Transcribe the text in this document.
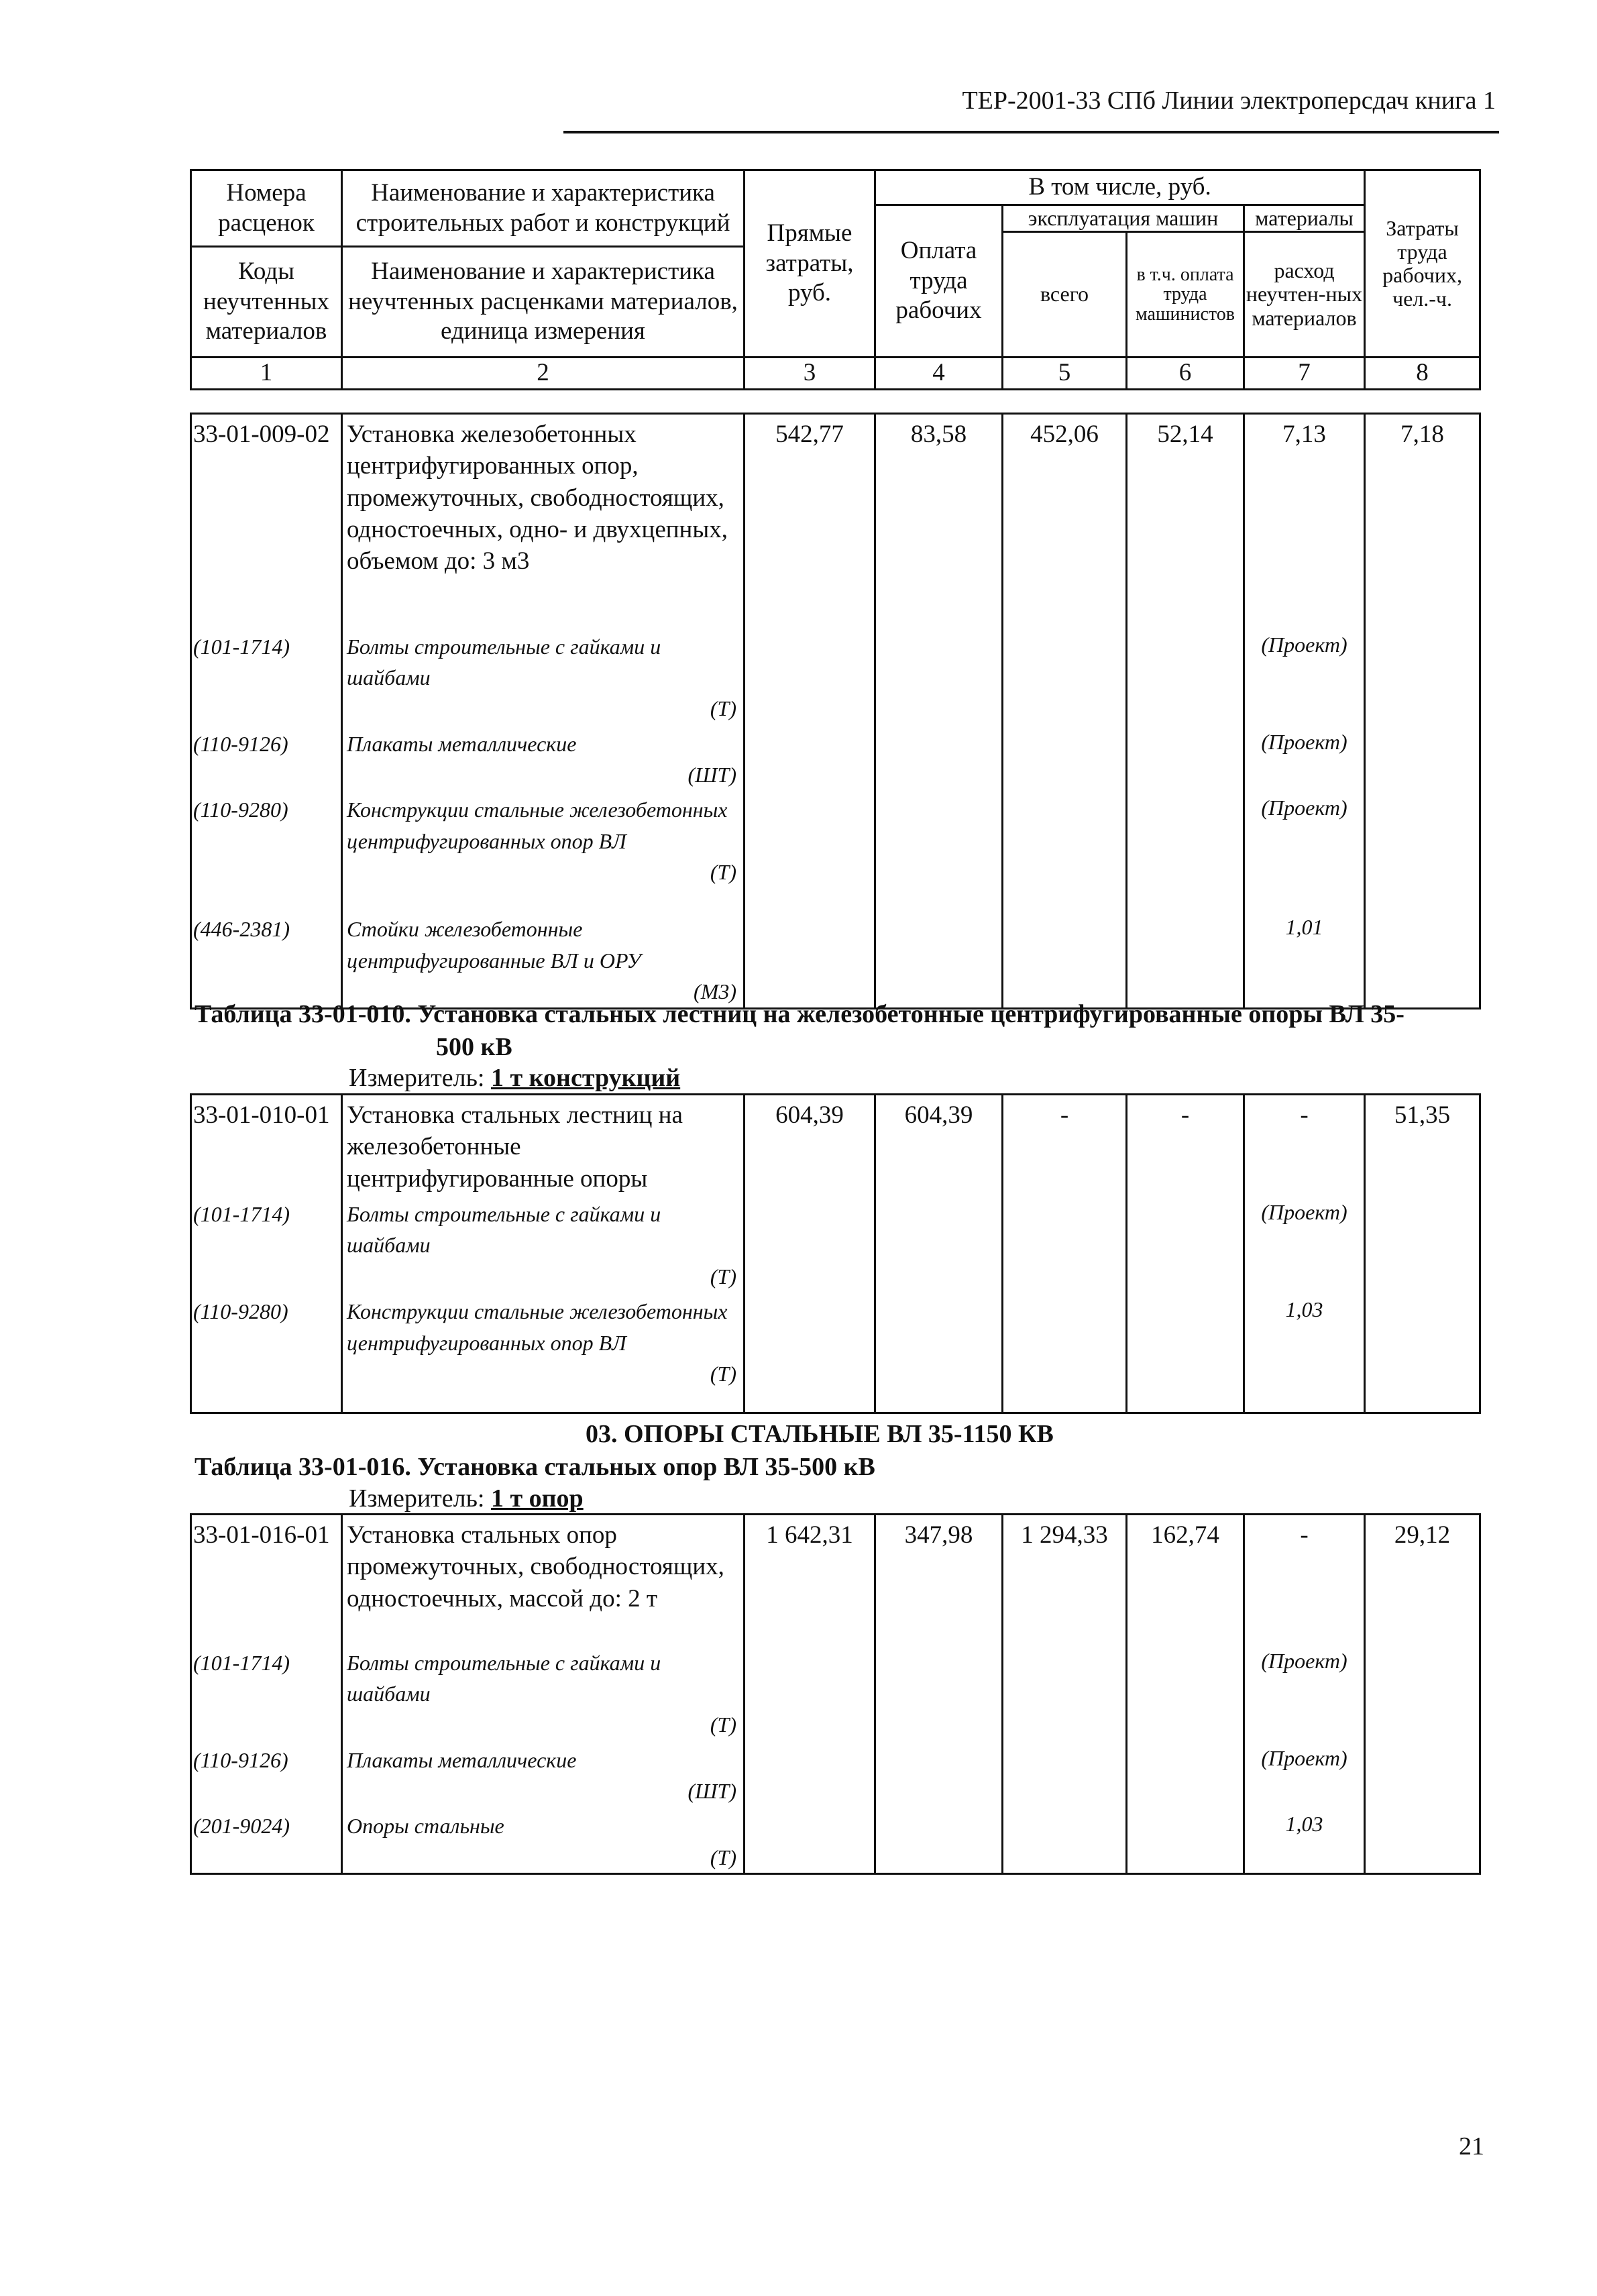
ТЕР-2001-33 СПб Линии электроперсдач книга 1
Номера расценок	Наименование и характеристика строительных работ и конструкций	Прямые затраты, руб.	В том числе, руб.				Затраты труда рабочих, чел.-ч.
			Оплата труда рабочих	эксплуатация машин		материалы	
				всего	в т.ч. оплата труда машинистов	расход неучтен-ных материалов	
Коды неучтенных материалов	Наименование и характеристика неучтенных расценками материалов, единица измерения						

1	2	3	4	5	6	7	8
33-01-009-02	Установка железобетонных центрифугированных опор, промежуточных, свободностоящих, одностоечных, одно- и двухцепных, объемом до: 3 м3	542,77	83,58	452,06	52,14	7,13	7,18
(101-1714)	Болты строительные с гайками и шайбами
(Т)					(Проект)	
(110-9126)	Плакаты металлические
(ШТ)					(Проект)	
(110-9280)	Конструкции стальные железобетонных центрифугированных опор ВЛ
(Т)					(Проект)	
(446-2381)	Стойки железобетонные центрифугированные ВЛ и ОРУ
(М3)					1,01	
Таблица 33-01-010. Установка стальных лестниц на железобетонные центрифугированные опоры ВЛ 35-
500 кВ
Измеритель: 1 т конструкций
33-01-010-01	Установка стальных лестниц на железобетонные центрифугированные опоры	604,39	604,39	-	-	-	51,35
(101-1714)	Болты строительные с гайками и шайбами
(Т)					(Проект)	
(110-9280)	Конструкции стальные железобетонных центрифугированных опор ВЛ
(Т)					1,03	
03. ОПОРЫ СТАЛЬНЫЕ ВЛ 35-1150 КВ
Таблица 33-01-016. Установка стальных опор ВЛ 35-500 кВ
Измеритель: 1 т опор
33-01-016-01	Установка стальных опор промежуточных, свободностоящих, одностоечных, массой до: 2 т	1 642,31	347,98	1 294,33	162,74	-	29,12
(101-1714)	Болты строительные с гайками и шайбами
(Т)					(Проект)	
(110-9126)	Плакаты металлические
(ШТ)					(Проект)	
(201-9024)	Опоры стальные
(Т)					1,03	
21
